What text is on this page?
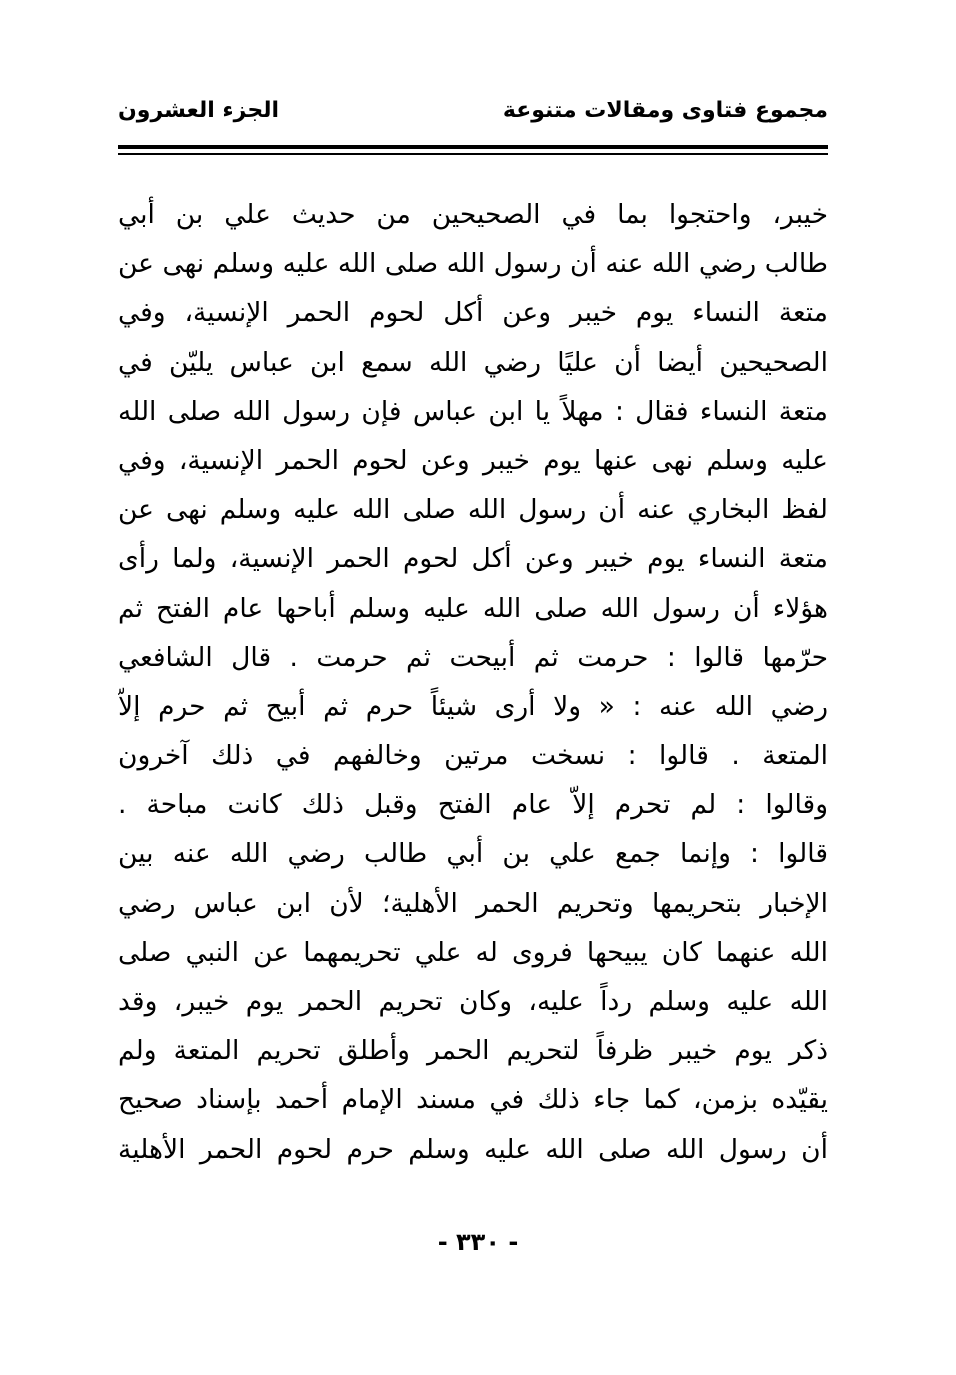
مجموع فتاوى ومقالات متنوعة
الجزء العشرون
خيبر، واحتجوا بما في الصحيحين من حديث علي بن أبي
طالب رضي الله عنه أن رسول الله صلى الله عليه وسلم نهى عن
متعة النساء يوم خيبر وعن أكل لحوم الحمر الإنسية، وفي
الصحيحين أيضا أن عليًا رضي الله سمع ابن عباس يليّن في
متعة النساء فقال : مهلاً يا ابن عباس فإن رسول الله صلى الله
عليه وسلم نهى عنها يوم خيبر وعن لحوم الحمر الإنسية، وفي
لفظ البخاري عنه أن رسول الله صلى الله عليه وسلم نهى عن
متعة النساء يوم خيبر وعن أكل لحوم الحمر الإنسية، ولما رأى
هؤلاء أن رسول الله صلى الله عليه وسلم أباحها عام الفتح ثم
حرّمها قالوا : حرمت ثم أبيحت ثم حرمت . قال الشافعي
رضي الله عنه : « ولا أرى شيئاً حرم ثم أبيح ثم حرم إلاّ
المتعة . قالوا : نسخت مرتين وخالفهم في ذلك آخرون
وقالوا : لم تحرم إلاّ عام الفتح وقبل ذلك كانت مباحة .
قالوا : وإنما جمع علي بن أبي طالب رضي الله عنه بين
الإخبار بتحريمها وتحريم الحمر الأهلية؛ لأن ابن عباس رضي
الله عنهما كان يبيحها فروى له علي تحريمهما عن النبي صلى
الله عليه وسلم رداً عليه، وكان تحريم الحمر يوم خيبر، وقد
ذكر يوم خيبر ظرفاً لتحريم الحمر وأطلق تحريم المتعة ولم
يقيّده بزمن، كما جاء ذلك في مسند الإمام أحمد بإسناد صحيح
أن رسول الله صلى الله عليه وسلم حرم لحوم الحمر الأهلية
- ٣٣٠ -
